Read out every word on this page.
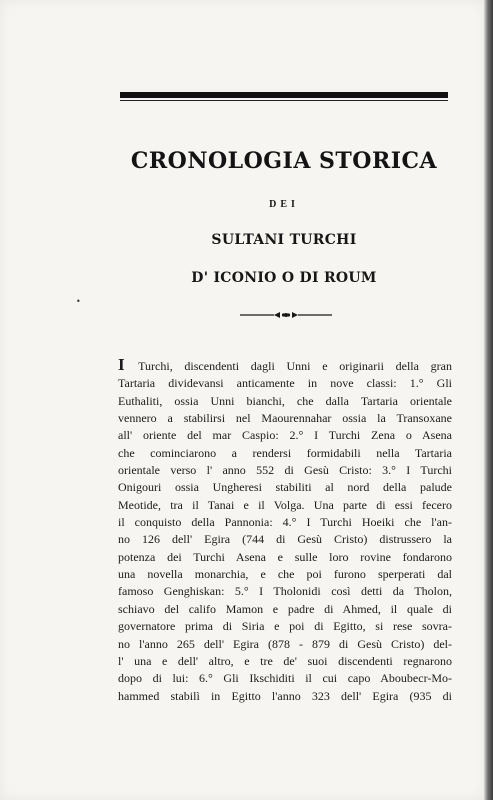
CRONOLOGIA STORICA
DEI
SULTANI TURCHI
D' ICONIO O DI ROUM
•
I Turchi, discendenti dagli Unni e originarii della gran
Tartaria dividevansi anticamente in nove classi: 1.° Gli
Euthaliti, ossia Unni bianchi, che dalla Tartaria orientale
vennero a stabilirsi nel Maourennahar ossia la Transoxane
all' oriente del mar Caspio: 2.° I Turchi Zena o Asena
che cominciarono a rendersi formidabili nella Tartaria
orientale verso l' anno 552 di Gesù Cristo: 3.° I Turchi
Onigouri ossia Ungheresi stabiliti al nord della palude
Meotide, tra il Tanai e il Volga. Una parte di essi fecero
il conquisto della Pannonia: 4.° I Turchi Hoeiki che l'an-
no 126 dell' Egira (744 di Gesù Cristo) distrussero la
potenza dei Turchi Asena e sulle loro rovine fondarono
una novella monarchia, e che poi furono sperperati dal
famoso Genghiskan: 5.° I Tholonidi così detti da Tholon,
schiavo del califo Mamon e padre di Ahmed, il quale di
governatore prima di Siria e poi di Egitto, si rese sovra-
no l'anno 265 dell' Egira (878 - 879 di Gesù Cristo) del-
l' una e dell' altro, e tre de' suoi discendenti regnarono
dopo di lui: 6.° Gli Ikschiditi il cui capo Aboubecr-Mo-
hammed stabilì in Egitto l'anno 323 dell' Egira (935 di
